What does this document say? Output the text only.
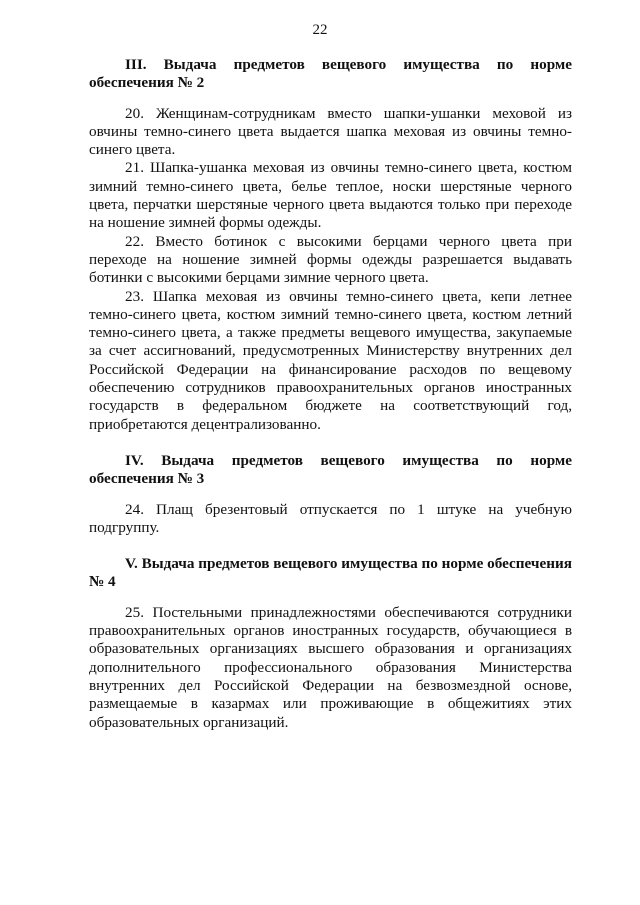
22
III. Выдача предметов вещевого имущества по норме
обеспечения № 2

20. Женщинам-сотрудникам вместо шапки-ушанки меховой из овчины темно-синего цвета выдается шапка меховая из овчины темно-синего цвета.

21. Шапка-ушанка меховая из овчины темно-синего цвета, костюм зимний темно-синего цвета, белье теплое, носки шерстяные черного цвета, перчатки шерстяные черного цвета выдаются только при переходе на ношение зимней формы одежды.

22. Вместо ботинок с высокими берцами черного цвета при переходе на ношение зимней формы одежды разрешается выдавать ботинки с высокими берцами зимние черного цвета.

23. Шапка меховая из овчины темно-синего цвета, кепи летнее темно-синего цвета, костюм зимний темно-синего цвета, костюм летний темно-синего цвета, а также предметы вещевого имущества, закупаемые за счет ассигнований, предусмотренных Министерству внутренних дел Российской Федерации на финансирование расходов по вещевому обеспечению сотрудников правоохранительных органов иностранных государств в федеральном бюджете на соответствующий год, приобретаются децентрализованно.

IV. Выдача предметов вещевого имущества по норме
обеспечения № 3

24. Плащ брезентовый отпускается по 1 штуке на учебную подгруппу.

V. Выдача предметов вещевого имущества по норме обеспечения
№ 4

25. Постельными принадлежностями обеспечиваются сотрудники правоохранительных органов иностранных государств, обучающиеся в образовательных организациях высшего образования и организациях дополнительного профессионального образования Министерства внутренних дел Российской Федерации на безвозмездной основе, размещаемые в казармах или проживающие в общежитиях этих образовательных организаций.
